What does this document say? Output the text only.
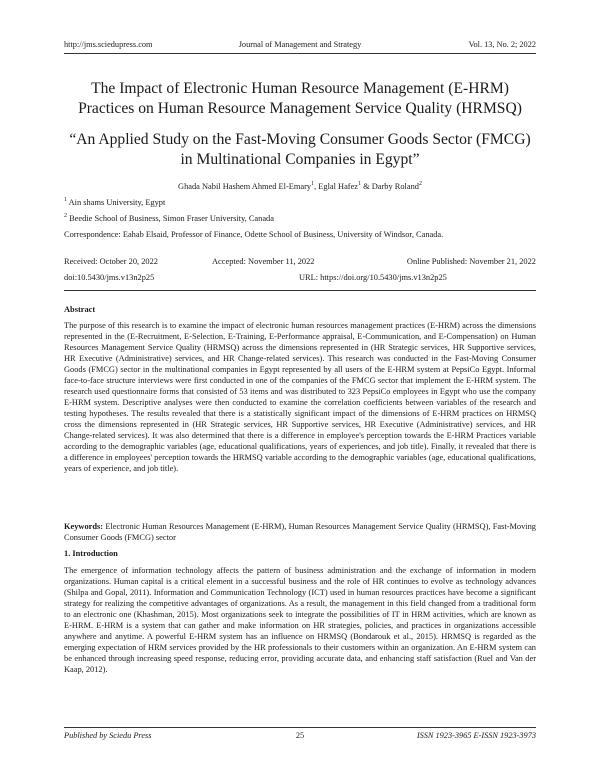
http://jms.sciedupress.com	Journal of Management and Strategy	Vol. 13, No. 2; 2022
The Impact of Electronic Human Resource Management (E-HRM)
Practices on Human Resource Management Service Quality (HRMSQ)
“An Applied Study on the Fast-Moving Consumer Goods Sector (FMCG)
in Multinational Companies in Egypt”
Ghada Nabil Hashem Ahmed El-Emary$^1$, Eglal Hafez$^1$ & Darby Roland$^2$
$^1$ Ain shams University, Egypt
$^2$ Beedie School of Business, Simon Fraser University, Canada
Correspondence: Eahab Elsaid, Professor of Finance, Odette School of Business, University of Windsor, Canada.
Received: October 20, 2022	Accepted: November 11, 2022	Online Published: November 21, 2022
doi:10.5430/jms.v13n2p25	URL: https://doi.org/10.5430/jms.v13n2p25
Abstract
The purpose of this research is to examine the impact of electronic human resources management practices (E-HRM) across the dimensions represented in the (E-Recruitment, E-Selection, E-Training, E-Performance appraisal, E-Communication, and E-Compensation) on Human Resources Management Service Quality (HRMSQ) across the dimensions represented in (HR Strategic services, HR Supportive services, HR Executive (Administrative) services, and HR Change-related services). This research was conducted in the Fast-Moving Consumer Goods (FMCG) sector in the multinational companies in Egypt represented by all users of the E-HRM system at PepsiCo Egypt. Informal face-to-face structure interviews were first conducted in one of the companies of the FMCG sector that implement the E-HRM system. The research used questionnaire forms that consisted of 53 items and was distributed to 323 PepsiCo employees in Egypt who use the company E-HRM system. Descriptive analyses were then conducted to examine the correlation coefficients between variables of the research and testing hypotheses. The results revealed that there is a statistically significant impact of the dimensions of E-HRM practices on HRMSQ cross the dimensions represented in (HR Strategic services, HR Supportive services, HR Executive (Administrative) services, and HR Change-related services). It was also determined that there is a difference in employee's perception towards the E-HRM Practices variable according to the demographic variables (age, educational qualifications, years of experiences, and job title). Finally, it revealed that there is a difference in employees' perception towards the HRMSQ variable according to the demographic variables (age, educational qualifications, years of experience, and job title).
Keywords: Electronic Human Resources Management (E-HRM), Human Resources Management Service Quality (HRMSQ), Fast-Moving Consumer Goods (FMCG) sector
1. Introduction
The emergence of information technology affects the pattern of business administration and the exchange of information in modern organizations. Human capital is a critical element in a successful business and the role of HR continues to evolve as technology advances (Shilpa and Gopal, 2011). Information and Communication Technology (ICT) used in human resources practices have become a significant strategy for realizing the competitive advantages of organizations. As a result, the management in this field changed from a traditional form to an electronic one (Khashman, 2015). Most organizations seek to integrate the possibilities of IT in HRM activities, which are known as E-HRM. E-HRM is a system that can gather and make information on HR strategies, policies, and practices in organizations accessible anywhere and anytime. A powerful E-HRM system has an influence on HRMSQ (Bondarouk et al., 2015). HRMSQ is regarded as the emerging expectation of HRM services provided by the HR professionals to their customers within an organization. An E-HRM system can be enhanced through increasing speed response, reducing error, providing accurate data, and enhancing staff satisfaction (Ruel and Van der Kaap, 2012).
Published by Sciedu Press	25	ISSN 1923-3965 E-ISSN 1923-3973
